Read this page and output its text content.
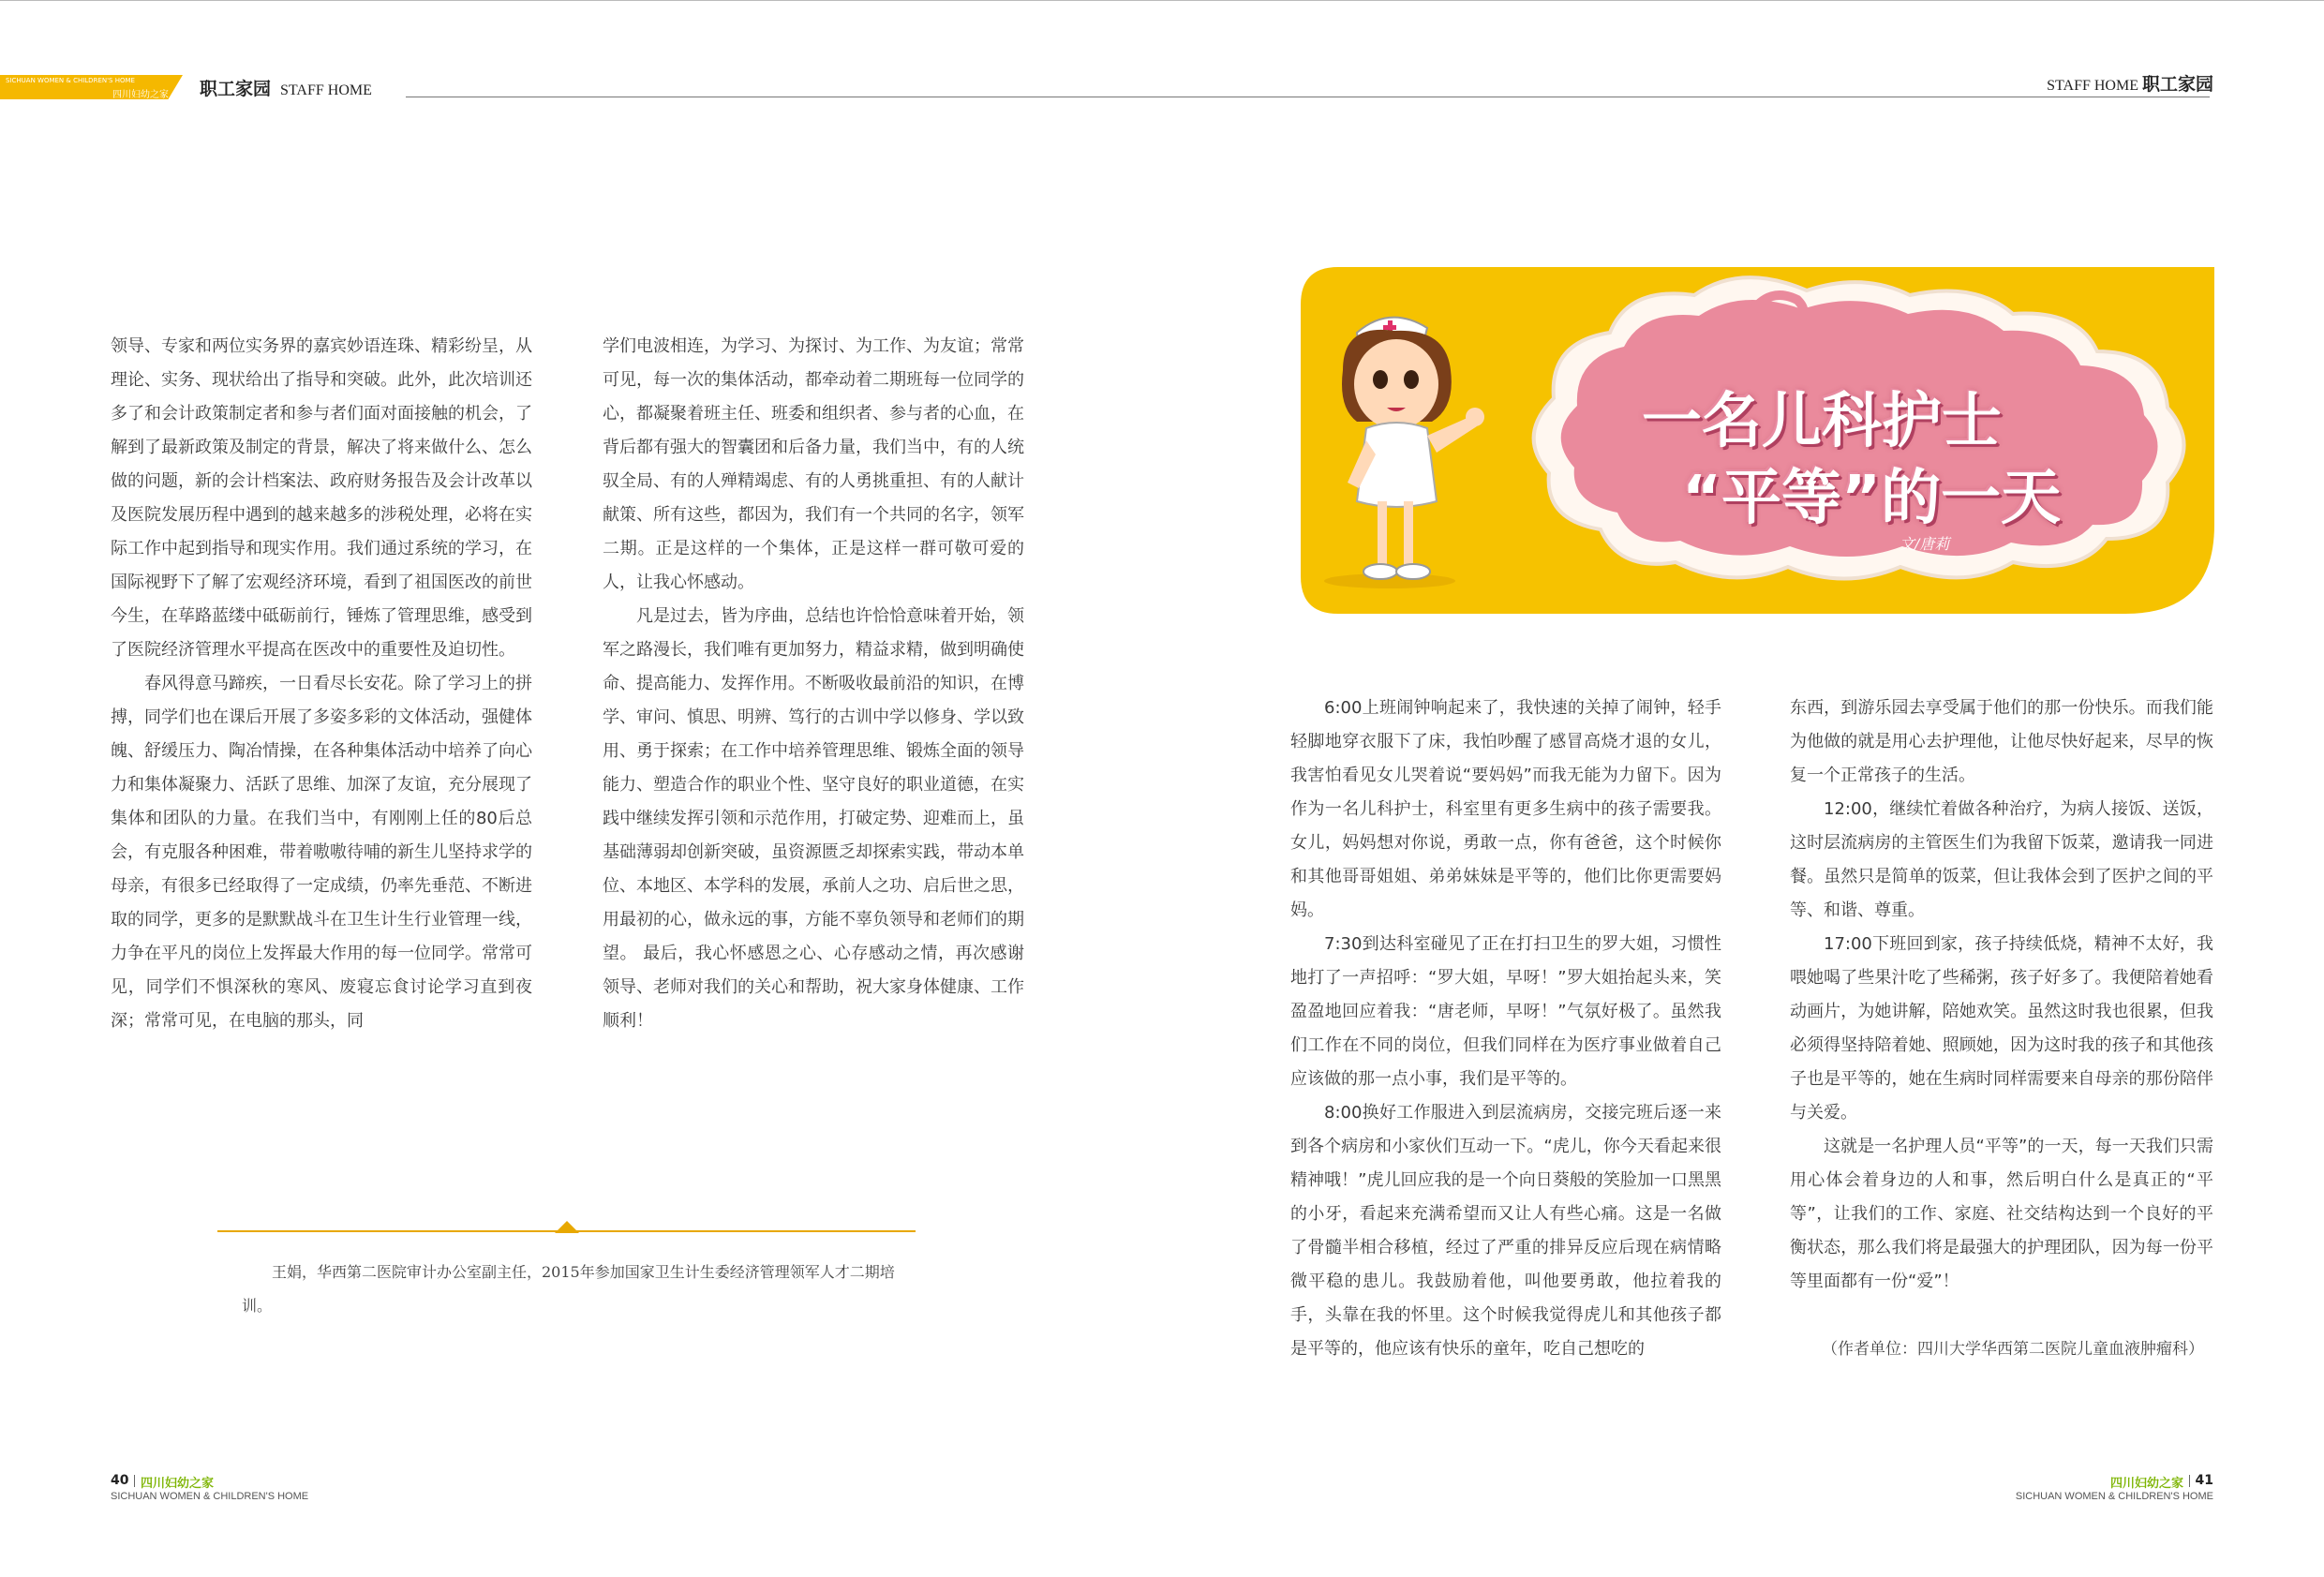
SICHUAN WOMEN & CHILDREN'S HOME
四川妇幼之家 职工家园 STAFF HOME	STAFF HOME 职工家园

领导、专家和两位实务界的嘉宾妙语连珠、精彩纷呈，从理论、实务、现状给出了指导和突破。此外，此次培训还多了和会计政策制定者和参与者们面对面接触的机会，了解到了最新政策及制定的背景，解决了将来做什么、怎么做的问题，新的会计档案法、政府财务报告及会计改革以及医院发展历程中遇到的越来越多的涉税处理，必将在实际工作中起到指导和现实作用。我们通过系统的学习，在国际视野下了解了宏观经济环境，看到了祖国医改的前世今生，在荜路蓝缕中砥砺前行，锤炼了管理思维，感受到了医院经济管理水平提高在医改中的重要性及迫切性。

春风得意马蹄疾，一日看尽长安花。除了学习上的拼搏，同学们也在课后开展了多姿多彩的文体活动，强健体魄、舒缓压力、陶冶情操，在各种集体活动中培养了向心力和集体凝聚力、活跃了思维、加深了友谊，充分展现了集体和团队的力量。在我们当中，有刚刚上任的80后总会，有克服各种困难，带着嗷嗷待哺的新生儿坚持求学的母亲，有很多已经取得了一定成绩，仍率先垂范、不断进取的同学，更多的是默默战斗在卫生计生行业管理一线，力争在平凡的岗位上发挥最大作用的每一位同学。常常可见，同学们不惧深秋的寒风、废寝忘食讨论学习直到夜深；常常可见，在电脑的那头，同

学们电波相连，为学习、为探讨、为工作、为友谊；常常可见，每一次的集体活动，都牵动着二期班每一位同学的心，都凝聚着班主任、班委和组织者、参与者的心血，在背后都有强大的智囊团和后备力量，我们当中，有的人统驭全局、有的人殚精竭虑、有的人勇挑重担、有的人献计献策、所有这些，都因为，我们有一个共同的名字，领军二期。正是这样的一个集体，正是这样一群可敬可爱的人，让我心怀感动。

凡是过去，皆为序曲，总结也许恰恰意味着开始，领军之路漫长，我们唯有更加努力，精益求精，做到明确使命、提高能力、发挥作用。不断吸收最前沿的知识，在博学、审问、慎思、明辨、笃行的古训中学以修身、学以致用、勇于探索；在工作中培养管理思维、锻炼全面的领导能力、塑造合作的职业个性、坚守良好的职业道德，在实践中继续发挥引领和示范作用，打破定势、迎难而上，虽基础薄弱却创新突破，虽资源匮乏却探索实践，带动本单位、本地区、本学科的发展，承前人之功、启后世之思，用最初的心，做永远的事，方能不辜负领导和老师们的期望。 最后，我心怀感恩之心、心存感动之情，再次感谢领导、老师对我们的关心和帮助，祝大家身体健康、工作顺利！

王娟，华西第二医院审计办公室副主任，2015年参加国家卫生计生委经济管理领军人才二期培训。
一名儿科护士
“平等”的一天
文/唐莉

6:00上班闹钟响起来了，我快速的关掉了闹钟，轻手轻脚地穿衣服下了床，我怕吵醒了感冒高烧才退的女儿，我害怕看见女儿哭着说“要妈妈”而我无能为力留下。因为作为一名儿科护士，科室里有更多生病中的孩子需要我。女儿，妈妈想对你说，勇敢一点，你有爸爸，这个时候你和其他哥哥姐姐、弟弟妹妹是平等的，他们比你更需要妈妈。

7:30到达科室碰见了正在打扫卫生的罗大姐，习惯性地打了一声招呼：“罗大姐，早呀！”罗大姐抬起头来，笑盈盈地回应着我：“唐老师，早呀！”气氛好极了。虽然我们工作在不同的岗位，但我们同样在为医疗事业做着自己应该做的那一点小事，我们是平等的。

8:00换好工作服进入到层流病房，交接完班后逐一来到各个病房和小家伙们互动一下。“虎儿，你今天看起来很精神哦！”虎儿回应我的是一个向日葵般的笑脸加一口黑黑的小牙，看起来充满希望而又让人有些心痛。这是一名做了骨髓半相合移植，经过了严重的排异反应后现在病情略微平稳的患儿。我鼓励着他，叫他要勇敢，他拉着我的手，头靠在我的怀里。这个时候我觉得虎儿和其他孩子都是平等的，他应该有快乐的童年，吃自己想吃的

东西，到游乐园去享受属于他们的那一份快乐。而我们能为他做的就是用心去护理他，让他尽快好起来，尽早的恢复一个正常孩子的生活。

12:00，继续忙着做各种治疗，为病人接饭、送饭，这时层流病房的主管医生们为我留下饭菜，邀请我一同进餐。虽然只是简单的饭菜，但让我体会到了医护之间的平等、和谐、尊重。

17:00下班回到家，孩子持续低烧，精神不太好，我喂她喝了些果汁吃了些稀粥，孩子好多了。我便陪着她看动画片，为她讲解，陪她欢笑。虽然这时我也很累，但我必须得坚持陪着她、照顾她，因为这时我的孩子和其他孩子也是平等的，她在生病时同样需要来自母亲的那份陪伴与关爱。

这就是一名护理人员“平等”的一天，每一天我们只需用心体会着身边的人和事，然后明白什么是真正的“平等”，让我们的工作、家庭、社交结构达到一个良好的平衡状态，那么我们将是最强大的护理团队，因为每一份平等里面都有一份“爱”！

（作者单位：四川大学华西第二医院儿童血液肿瘤科）

40 四川妇幼之家
SICHUAN WOMEN & CHILDREN'S HOME
41
四川妇幼之家
SICHUAN WOMEN & CHILDREN'S HOME
